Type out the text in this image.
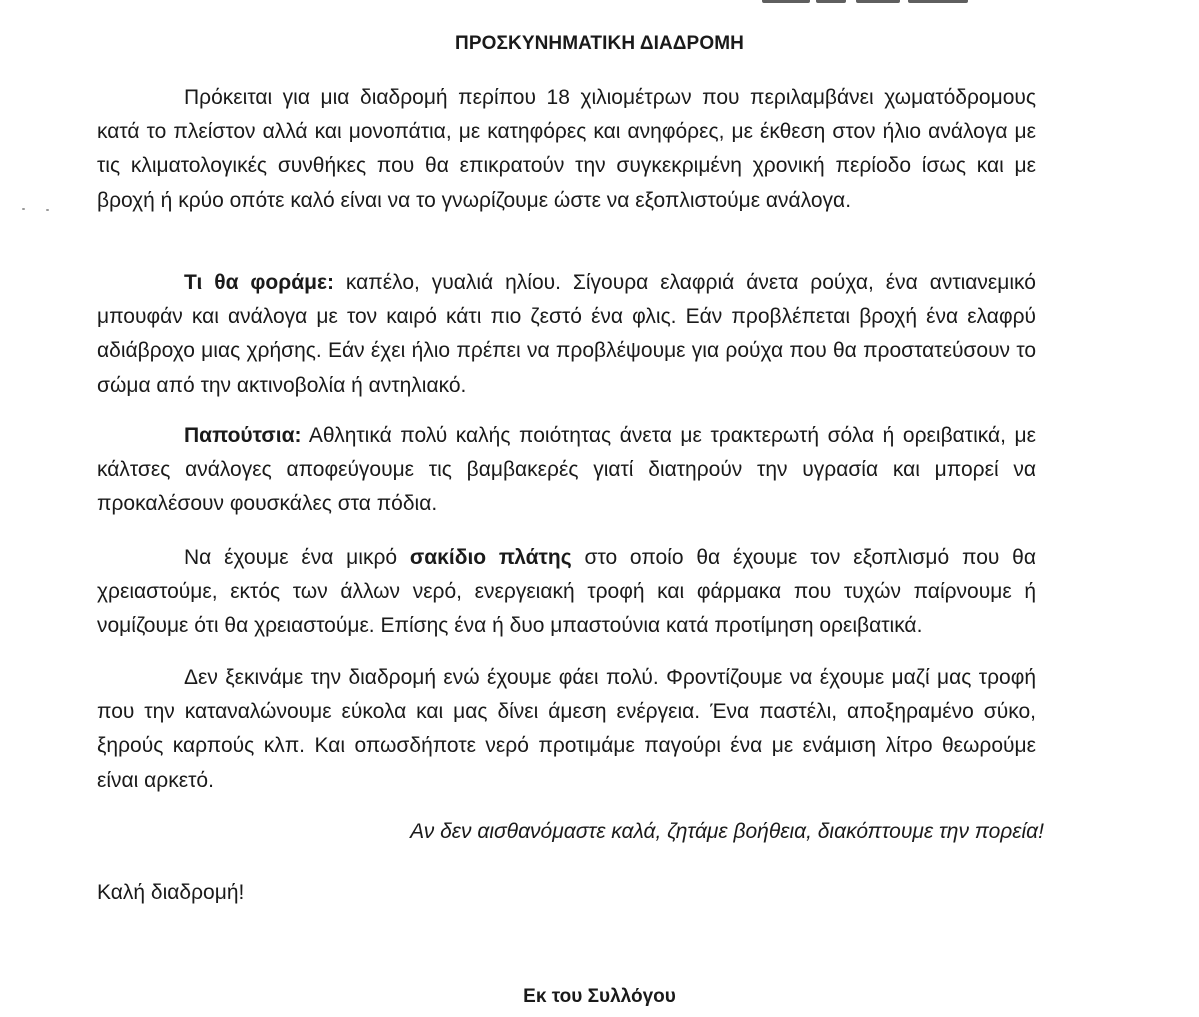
ΠΡΟΣΚΥΝΗΜΑΤΙΚΗ ΔΙΑΔΡΟΜΗ

Πρόκειται για μια διαδρομή περίπου 18 χιλιομέτρων που περιλαμβάνει χωματόδρομους κατά το πλείστον αλλά και μονοπάτια, με κατηφόρες και ανηφόρες, με έκθεση στον ήλιο ανάλογα με τις κλιματολογικές συνθήκες που θα επικρατούν την συγκεκριμένη χρονική περίοδο ίσως και με βροχή ή κρύο οπότε καλό είναι να το γνωρίζουμε ώστε να εξοπλιστούμε ανάλογα.

Τι θα φοράμε: καπέλο, γυαλιά ηλίου. Σίγουρα ελαφριά άνετα ρούχα, ένα αντιανεμικό μπουφάν και ανάλογα με τον καιρό κάτι πιο ζεστό ένα φλις. Εάν προβλέπεται βροχή ένα ελαφρύ αδιάβροχο μιας χρήσης. Εάν έχει ήλιο πρέπει να προβλέψουμε για ρούχα που θα προστατεύσουν το σώμα από την ακτινοβολία ή αντηλιακό.

Παπούτσια: Αθλητικά πολύ καλής ποιότητας άνετα με τρακτερωτή σόλα ή ορειβατικά, με κάλτσες ανάλογες αποφεύγουμε τις βαμβακερές γιατί διατηρούν την υγρασία και μπορεί να προκαλέσουν φουσκάλες στα πόδια.

Να έχουμε ένα μικρό σακίδιο πλάτης στο οποίο θα έχουμε τον εξοπλισμό που θα χρειαστούμε, εκτός των άλλων νερό, ενεργειακή τροφή και φάρμακα που τυχών παίρνουμε ή νομίζουμε ότι θα χρειαστούμε. Επίσης ένα ή δυο μπαστούνια κατά προτίμηση ορειβατικά.

Δεν ξεκινάμε την διαδρομή ενώ έχουμε φάει πολύ. Φροντίζουμε να έχουμε μαζί μας τροφή που την καταναλώνουμε εύκολα και μας δίνει άμεση ενέργεια. Ένα παστέλι, αποξηραμένο σύκο, ξηρούς καρπούς κλπ. Και οπωσδήποτε νερό προτιμάμε παγούρι ένα με ενάμιση λίτρο θεωρούμε είναι αρκετό.

Αν δεν αισθανόμαστε καλά, ζητάμε βοήθεια, διακόπτουμε την πορεία!
Καλή διαδρομή!
Εκ του Συλλόγου
